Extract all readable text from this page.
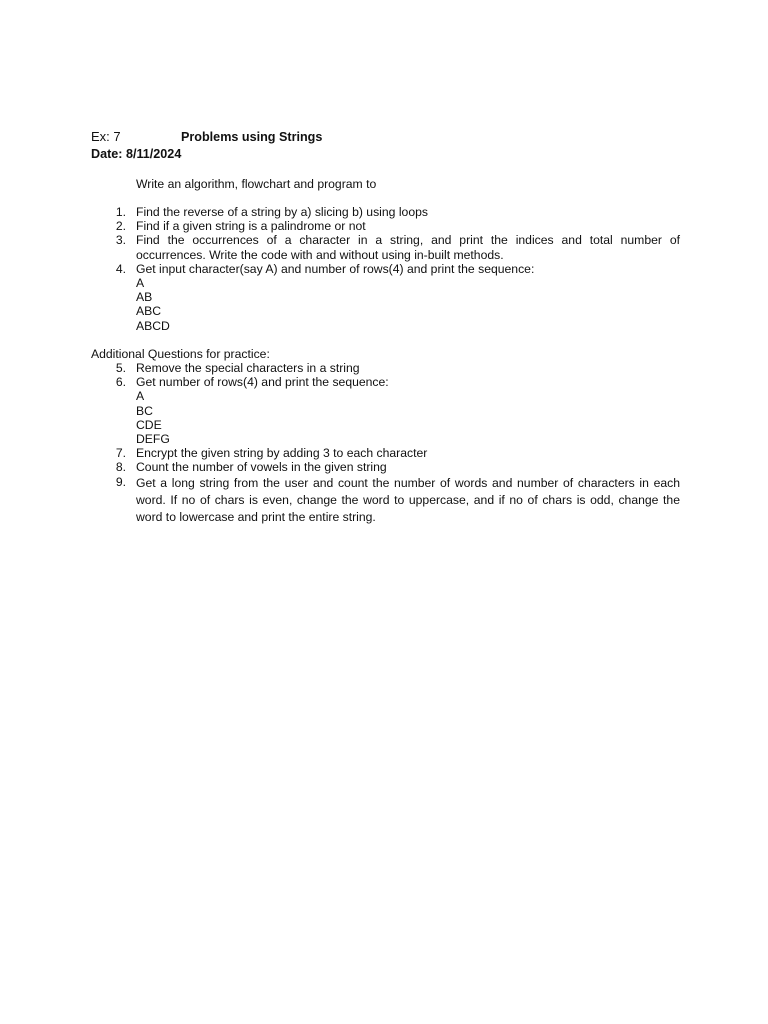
Ex: 7	Problems using Strings
Date: 8/11/2024
Write an algorithm, flowchart and program to
1. Find the reverse of a string by a) slicing b) using loops
2. Find if a given string is a palindrome or not
3. Find the occurrences of a character in a string, and print the indices and total number of occurrences. Write the code with and without using in-built methods.
4. Get input character(say A) and number of rows(4) and print the sequence:
A
AB
ABC
ABCD
Additional Questions for practice:
5. Remove the special characters in a string
6. Get number of rows(4) and print the sequence:
A
BC
CDE
DEFG
7. Encrypt the given string by adding 3 to each character
8. Count the number of vowels in the given string
9. Get a long string from the user and count the number of words and number of characters in each word. If no of chars is even, change the word to uppercase, and if no of chars is odd, change the word to lowercase and print the entire string.
